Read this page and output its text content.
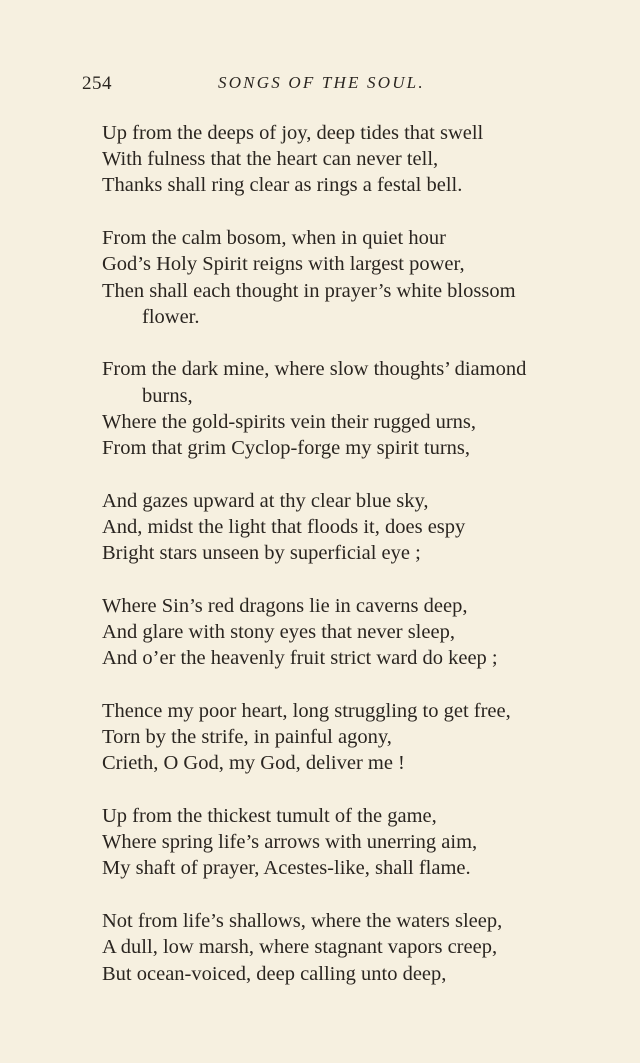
254	SONGS OF THE SOUL.
Up from the deeps of joy, deep tides that swell
With fulness that the heart can never tell,
Thanks shall ring clear as rings a festal bell.
From the calm bosom, when in quiet hour
God’s Holy Spirit reigns with largest power,
Then shall each thought in prayer’s white blossom
flower.
From the dark mine, where slow thoughts’ diamond
burns,
Where the gold-spirits vein their rugged urns,
From that grim Cyclop-forge my spirit turns,
And gazes upward at thy clear blue sky,
And, midst the light that floods it, does espy
Bright stars unseen by superficial eye ;
Where Sin’s red dragons lie in caverns deep,
And glare with stony eyes that never sleep,
And o’er the heavenly fruit strict ward do keep ;
Thence my poor heart, long struggling to get free,
Torn by the strife, in painful agony,
Crieth, O God, my God, deliver me !
Up from the thickest tumult of the game,
Where spring life’s arrows with unerring aim,
My shaft of prayer, Acestes-like, shall flame.
Not from life’s shallows, where the waters sleep,
A dull, low marsh, where stagnant vapors creep,
But ocean-voiced, deep calling unto deep,
